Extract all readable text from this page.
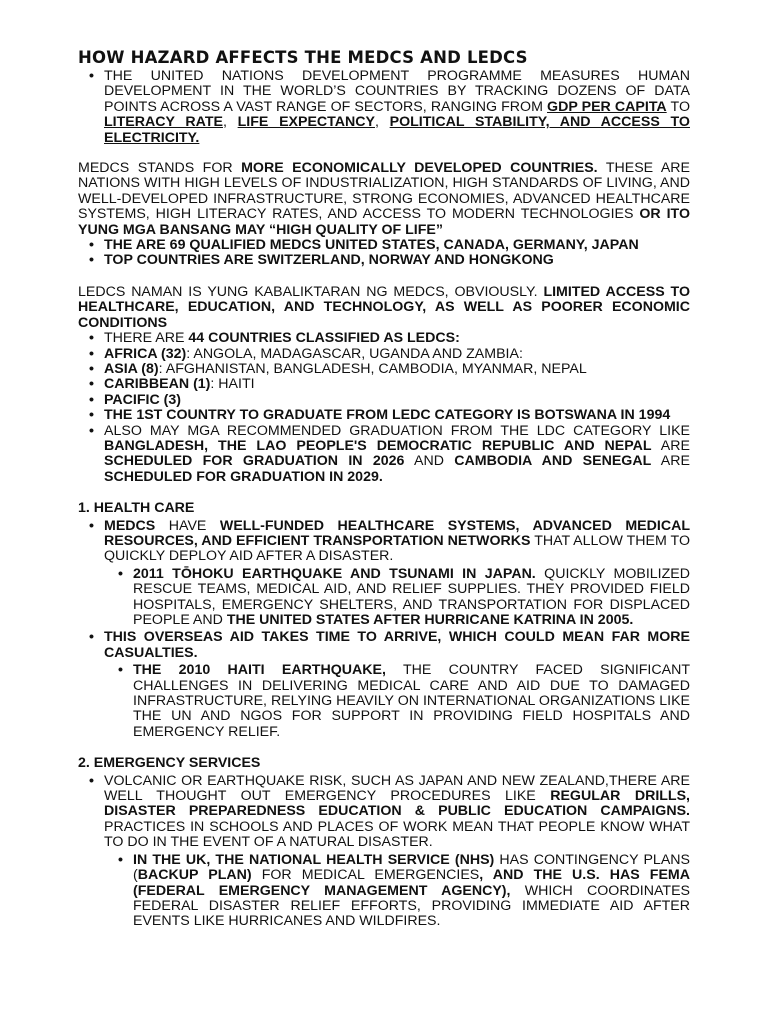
HOW HAZARD AFFECTS THE MEDCS AND LEDCS
• THE UNITED NATIONS DEVELOPMENT PROGRAMME MEASURES HUMAN DEVELOPMENT IN THE WORLD’S COUNTRIES BY TRACKING DOZENS OF DATA POINTS ACROSS A VAST RANGE OF SECTORS, RANGING FROM GDP PER CAPITA TO LITERACY RATE, LIFE EXPECTANCY, POLITICAL STABILITY, AND ACCESS TO ELECTRICITY.

MEDCS STANDS FOR MORE ECONOMICALLY DEVELOPED COUNTRIES. THESE ARE NATIONS WITH HIGH LEVELS OF INDUSTRIALIZATION, HIGH STANDARDS OF LIVING, AND WELL-DEVELOPED INFRASTRUCTURE, STRONG ECONOMIES, ADVANCED HEALTHCARE SYSTEMS, HIGH LITERACY RATES, AND ACCESS TO MODERN TECHNOLOGIES OR ITO YUNG MGA BANSANG MAY “HIGH QUALITY OF LIFE”

• THE ARE 69 QUALIFIED MEDCS UNITED STATES, CANADA, GERMANY, JAPAN
• TOP COUNTRIES ARE SWITZERLAND, NORWAY AND HONGKONG

LEDCS NAMAN IS YUNG KABALIKTARAN NG MEDCS, OBVIOUSLY. LIMITED ACCESS TO HEALTHCARE, EDUCATION, AND TECHNOLOGY, AS WELL AS POORER ECONOMIC CONDITIONS

• THERE ARE 44 COUNTRIES CLASSIFIED AS LEDCS:
• AFRICA (32): ANGOLA, MADAGASCAR, UGANDA AND ZAMBIA:
• ASIA (8): AFGHANISTAN, BANGLADESH, CAMBODIA, MYANMAR, NEPAL
• CARIBBEAN (1): HAITI
• PACIFIC (3)
• THE 1ST COUNTRY TO GRADUATE FROM LEDC CATEGORY IS BOTSWANA IN 1994
• ALSO MAY MGA RECOMMENDED GRADUATION FROM THE LDC CATEGORY LIKE BANGLADESH, THE LAO PEOPLE'S DEMOCRATIC REPUBLIC AND NEPAL ARE SCHEDULED FOR GRADUATION IN 2026 AND CAMBODIA AND SENEGAL ARE SCHEDULED FOR GRADUATION IN 2029.
1. HEALTH CARE
• MEDCS HAVE WELL-FUNDED HEALTHCARE SYSTEMS, ADVANCED MEDICAL RESOURCES, AND EFFICIENT TRANSPORTATION NETWORKS THAT ALLOW THEM TO QUICKLY DEPLOY AID AFTER A DISASTER.
• 2011 TŌHOKU EARTHQUAKE AND TSUNAMI IN JAPAN. QUICKLY MOBILIZED RESCUE TEAMS, MEDICAL AID, AND RELIEF SUPPLIES. THEY PROVIDED FIELD HOSPITALS, EMERGENCY SHELTERS, AND TRANSPORTATION FOR DISPLACED PEOPLE AND THE UNITED STATES AFTER HURRICANE KATRINA IN 2005.
• THIS OVERSEAS AID TAKES TIME TO ARRIVE, WHICH COULD MEAN FAR MORE CASUALTIES.
• THE 2010 HAITI EARTHQUAKE, THE COUNTRY FACED SIGNIFICANT CHALLENGES IN DELIVERING MEDICAL CARE AND AID DUE TO DAMAGED INFRASTRUCTURE, RELYING HEAVILY ON INTERNATIONAL ORGANIZATIONS LIKE THE UN AND NGOS FOR SUPPORT IN PROVIDING FIELD HOSPITALS AND EMERGENCY RELIEF.
2. EMERGENCY SERVICES
• VOLCANIC OR EARTHQUAKE RISK, SUCH AS JAPAN AND NEW ZEALAND,THERE ARE WELL THOUGHT OUT EMERGENCY PROCEDURES LIKE REGULAR DRILLS, DISASTER PREPAREDNESS EDUCATION & PUBLIC EDUCATION CAMPAIGNS. PRACTICES IN SCHOOLS AND PLACES OF WORK MEAN THAT PEOPLE KNOW WHAT TO DO IN THE EVENT OF A NATURAL DISASTER.
• IN THE UK, THE NATIONAL HEALTH SERVICE (NHS) HAS CONTINGENCY PLANS (BACKUP PLAN) FOR MEDICAL EMERGENCIES, AND THE U.S. HAS FEMA (FEDERAL EMERGENCY MANAGEMENT AGENCY), WHICH COORDINATES FEDERAL DISASTER RELIEF EFFORTS, PROVIDING IMMEDIATE AID AFTER EVENTS LIKE HURRICANES AND WILDFIRES.
